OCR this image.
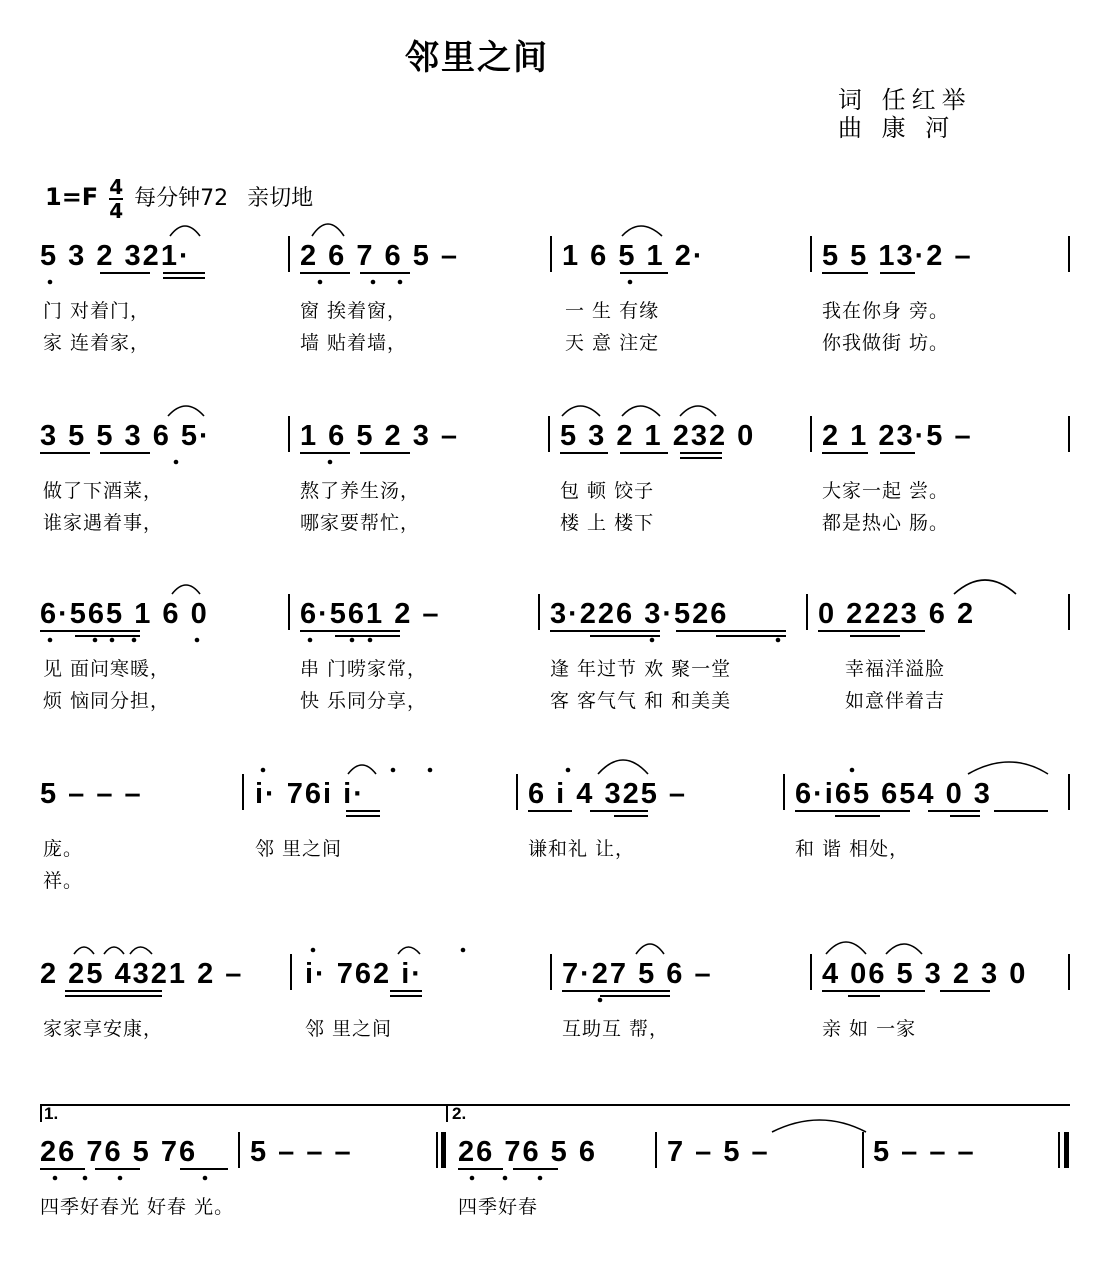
邻里之间
词 任红举
曲 康 河
$1=F \frac{4}{4}$ 每分钟72 亲切地
5 3 2 321·	2 6 7 6 5 –	1 6 5 1 2·	5 5 13·2 –
门 对着门，	窗 挨着窗，	一 生 有缘	我在你身 旁。
家 连着家，	墙 贴着墙，	天 意 注定	你我做街 坊。
3 5 5 3 6 5·	1 6 5 2 3 –	5 3 2 1 232 0 2 1 23·5 –
做了下酒菜，	熬了养生汤，	包 顿 饺子	大家一起 尝。
谁家遇着事，	哪家要帮忙，	楼 上 楼下	都是热心 肠。
6·565 1 6 0	6·561 2 –	3·226 3·526	0 2223 6 2
见 面问寒暖，	串 门唠家常，	逢 年过节 欢 聚一堂	幸福洋溢脸
烦 恼同分担，	快 乐同分享，	客 客气气 和 和美美	如意伴着吉
5 – – –	i· 76i i·	6 i 4 325 –	6·i65 654 0 3
庞。	邻 里之间	谦和礼 让，	和 谐 相处，
祥。
2 25 4321 2 – i· 762 i·	7·27 5 6 –	4 06 5 3 2 3 0
家家享安康，	邻 里之间	互助互 帮，	亲 如 一家
1.	2.
26 76 5 76 5 – – –	26 76 5 6 7 – 5 –	5 – – –
四季好春光 好春 光。	四季好春
